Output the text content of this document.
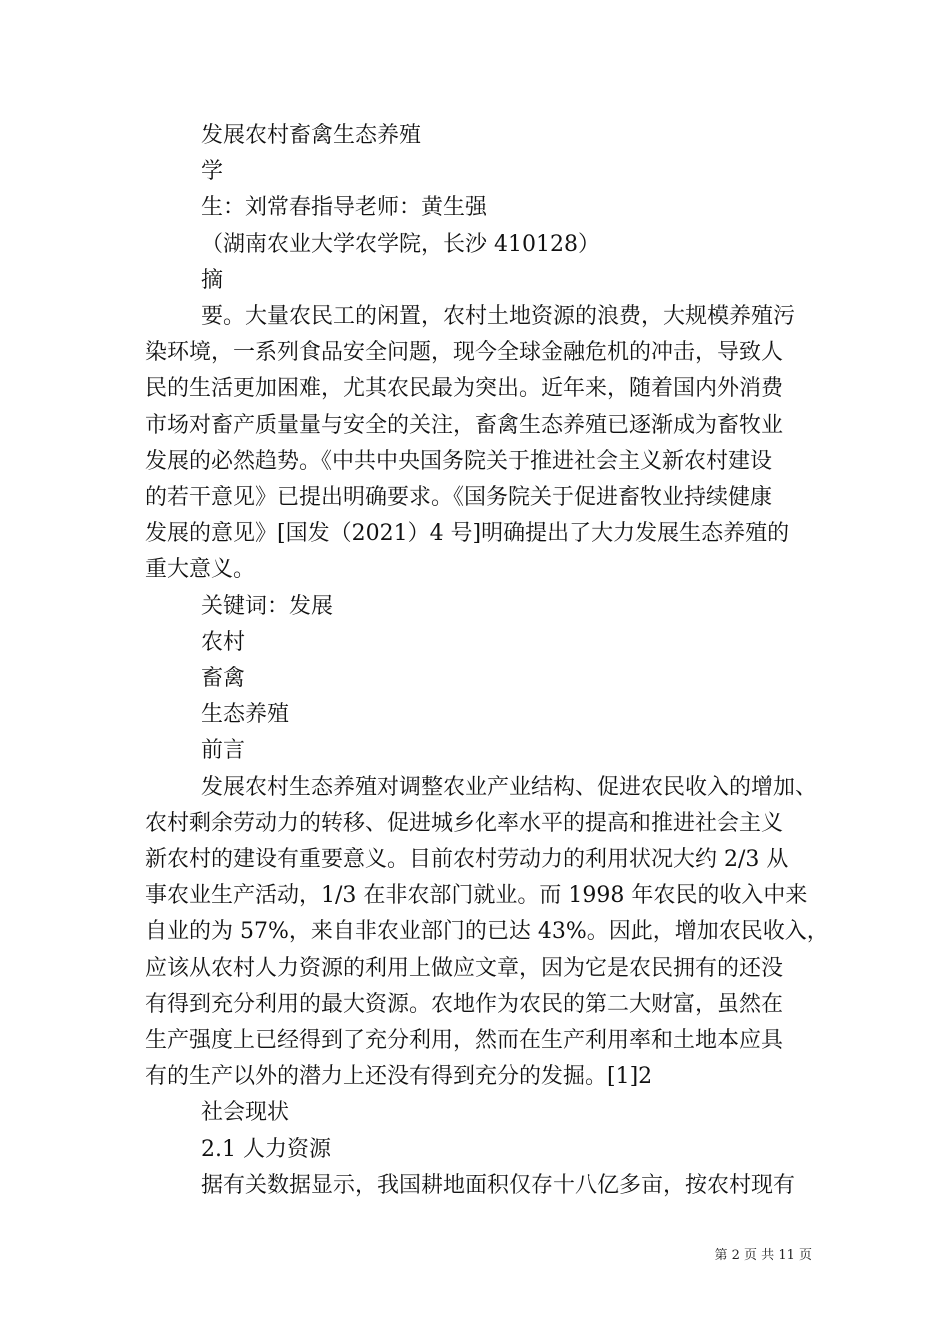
发展农村畜禽生态养殖

学

生：刘常春指导老师：黄生强

（湖南农业大学农学院，长沙 410128）

摘

要。大量农民工的闲置，农村土地资源的浪费，大规模养殖污

染环境，一系列食品安全问题，现今全球金融危机的冲击，导致人

民的生活更加困难，尤其农民最为突出。近年来，随着国内外消费

市场对畜产质量量与安全的关注，畜禽生态养殖已逐渐成为畜牧业

发展的必然趋势。《中共中央国务院关于推进社会主义新农村建设

的若干意见》已提出明确要求。《国务院关于促进畜牧业持续健康

发展的意见》[国发（2021）4 号]明确提出了大力发展生态养殖的

重大意义。

关键词：发展

农村

畜禽

生态养殖

前言

发展农村生态养殖对调整农业产业结构、促进农民收入的增加、

农村剩余劳动力的转移、促进城乡化率水平的提高和推进社会主义

新农村的建设有重要意义。目前农村劳动力的利用状况大约 2/3 从

事农业生产活动，1/3 在非农部门就业。而 1998 年农民的收入中来

自业的为 57%，来自非农业部门的已达 43%。因此，增加农民收入，

应该从农村人力资源的利用上做应文章，因为它是农民拥有的还没

有得到充分利用的最大资源。农地作为农民的第二大财富，虽然在

生产强度上已经得到了充分利用，然而在生产利用率和土地本应具

有的生产以外的潜力上还没有得到充分的发掘。[1]2

社会现状

2.1 人力资源

据有关数据显示，我国耕地面积仅存十八亿多亩，按农村现有

第 2 页 共 11 页
